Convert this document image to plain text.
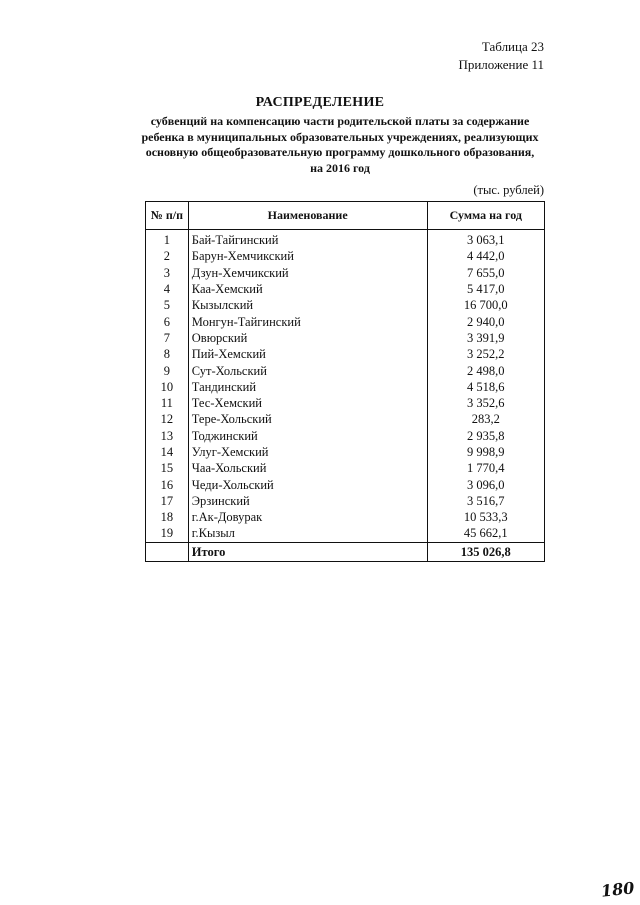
Таблица 23
Приложение 11
РАСПРЕДЕЛЕНИЕ
субвенций на компенсацию части родительской платы за содержание
ребенка в муниципальных образовательных учреждениях, реализующих
основную общеобразовательную программу дошкольного образования,
на 2016 год
(тыс. рублей)
№ п/п	Наименование	Сумма на год
1	Бай-Тайгинский	3 063,1
2	Барун-Хемчикский	4 442,0
3	Дзун-Хемчикский	7 655,0
4	Каа-Хемский	5 417,0
5	Кызылский	16 700,0
6	Монгун-Тайгинский	2 940,0
7	Овюрский	3 391,9
8	Пий-Хемский	3 252,2
9	Сут-Хольский	2 498,0
10	Тандинский	4 518,6
11	Тес-Хемский	3 352,6
12	Тере-Хольский	283,2
13	Тоджинский	2 935,8
14	Улуг-Хемский	9 998,9
15	Чаа-Хольский	1 770,4
16	Чеди-Хольский	3 096,0
17	Эрзинский	3 516,7
18	г.Ак-Довурак	10 533,3
19	г.Кызыл	45 662,1
	Итого	135 026,8
180
